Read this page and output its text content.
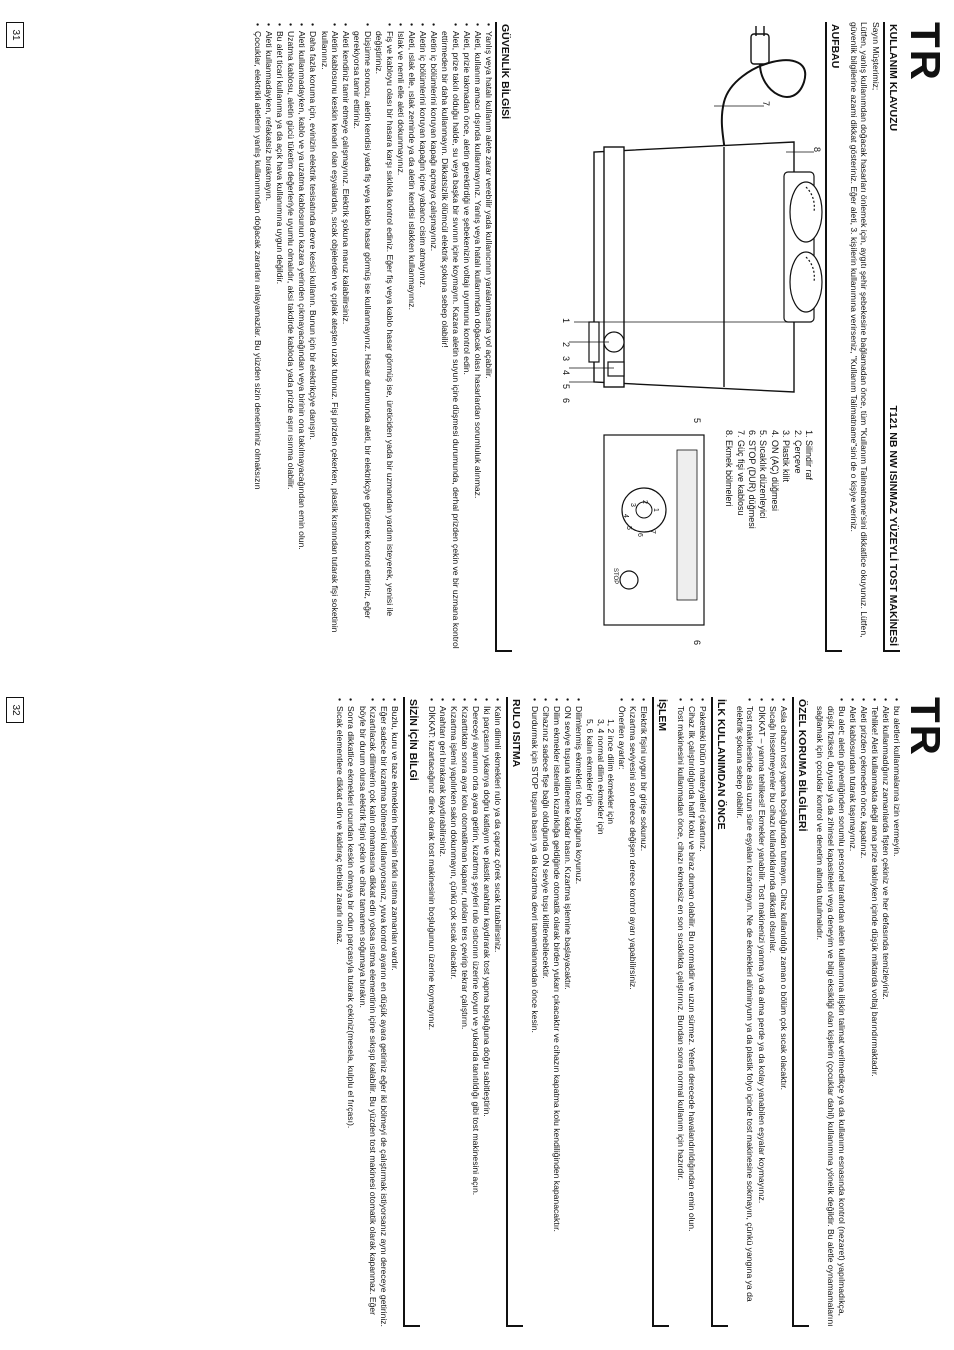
TR
KULLANIM KLAVUZU
T121 NB NW ISINMAZ YÜZEYLİ TOST MAKİNESİ

Sayın Müşterimiz;

Lütfen, yanlış kullanımdan doğacak hasarları önlemek için, aygıtı şehir şebekesine bağlamadan önce, tüm "Kullanım Talimatname'sini dikkatlice okuyunuz. Lütfen, güvenlik bilgilerine azami dikkat gösteriniz. Eğer aleti, 3. kişilerin kullanımına verirseniz, "Kullanım Talimatname"sini de o kişiye veriniz.

AUFBAU
8
7
1
2
3
4
5
6
5
6
1
2
3
4
5
6
7
STOP
1. Silindir raf
2. Çerçeve
3. Plastik kilit
4. ON (AÇ) düğmesi
5. Sıcaklık düzenleyici
6. STOP (DUR) düğmesi
7. Güç fişi ve kablosu
8. Ekmek bölmeleri
GÜVENLİK BİLGİSİ
• Yanlış veya hatalı kullanım alete zarar verebilir yada kullanıcının yaralanmasına yol açabilir.
• Aleti, kullanım amacı dışında kullanmayınız. Yanlış veya hatalı kullanımdan doğacak olası hasarlardan sorumluluk alınmaz.
• Aleti, prizie takmadan önce, aletin gerektirdiği ve şebekenizin voltajı uyumunu kontrol edin.
• Aleti, prize takılı olduğu halde, su veya başka bir sıvının içine koymayın. Kazara aletin suyun içine düşmesi durumunda, derhal prizden çekin ve bir uzmana kontrol ettirmeden bir daha kullanmayın. Dikkatsizlik ölümcül elektrik şokuna sebep olabilir!
• Aletin iç bölümlerini koruyan kapağı açmaya çalışmayınız.
• Aletin iç bölümlerini koruyan kapağın içine yabancı cisim atmayınız.
• Aleti, ıslak elle, ıslak zeminde ya da aletin kendisi ıslakken kullanmayınız.
• Islak ve nemli elle aleti dokunmayınız.
• Fiş ve kabloyu olası bir hasara karşı sıklıkla kontrol ediniz. Eğer fiş veya kablo hasar görmüş ise, üreticiden yada bir uzmandan yardım isteyerek, yenisi ile değiştiriniz.
• Düşürme sonucu, aletin kendisi yada fiş veya kablo hasar görmüş ise kullanmayınız. Hasar durumunda aleti, bir elektrikçiye götürerek kontrol ettiriniz, eğer gerekiyorsa tamir ettiriniz.
• Aleti kendiniz tamir etmeye çalışmayınız. Elektrik şokuna maruz kalabilirsiniz.
• Aletin kablosunu keskin kenarlı olan eşyalardan, sıcak objelerden ve çıplak ateşten uzak tutunuz. Fişi prizden çekerken, plastik kısmından tutarak fişi soketinin kullanınız.
• Daha fazla koruma için, evinizin elektrik tesisatında devre kesici kullanın. Bunun için bir elektrikçiye danışın.
• Aleti kullanmadayken, kablo ve ya uzatma kablosunun kazara yerinden çıkmayacağından veya birinin ona takılmayacağından emin olun.
• Uzatma kablosu, aletin gücü tüketim değerleriyle uyumlu olmalıdır, aksi takdirde kabloda yada prizde aşırı ısınma olabilir.
• Bu alet ticari kullanıma ya da açık hava kullanımına uygun değildir.
• Aleti kullanmadayken, refakatsiz bırakmayın.
• Çocuklar, elektrikli aletlerin yanlış kullanımından doğacak zararları anlayamazlar. Bu yüzden sizin denetiminiz olmaksızın
31
TR
• bu aletleri kullanmalarına izin vermeyin.
• Aleti kullanmadığınız zamanlarda fişten çekiniz ve her defasında temizleyiniz.
• Tehlike! Aleti kullanmakta değil ama prize takılıyken içinde düşük miktarda voltaj barındırmaktadır.
• Aleti prizden çekmeden önce, kapatınız.
• Aleti kablosundan tutarak taşımayınız.
• Bu alet; aletin güvenliğinden sorumlu personel tarafından aletin kullanımına ilişkin talimat verilmedikçe ya da kullanımı esnasında kontrol (nezaret) yapılmadıkça, düşük fiziksel, duyusal ya da zihinsel kapasiteleri veya deneyim ve bilgi eksikliği olan kişilerin (çocuklar dahil) kullanımına yönelik değildir. Bu aletle oynamamalarını sağlamak için çocuklar kontrol ve denetim altında tutulmalıdır.
ÖZEL KORUMA BİLGİLERİ
• Asla cihazın tost yapma boşluğundan tutmayın. Cihaz kullanıldığı zaman o bölüm çok sıcak olacaktır.
• Sıcağı hissetmeyenler bu cihazı kullandıklarında dikkatli olsunlar.
• DİKKAT – yanma tehlikesi! Ekmekler yanabilir. Tost makinenizi yanma ya da alma perde ya da kolay yanabilen eşyalar koymayınız.
• Tost makinesinde asla uzun süre eşyaları kızartmayın. Ne de ekmekleri alüminyum ya da plastik folyo içinde tost makinesine sokmayın, çünkü yangına ya da elektrik şokuna sebep olabilir.
İLK KULLANIMDAN ÖNCE
• Paketteki bütün materyalleri çıkartınız.
• Cihaz ilk çalıştırıldığında hafif koku ve biraz duman olabilir. Bu normaldir ve uzun sürmez. Yeterli derecede havalandırıldığından emin olun.
• Tost makinesini kullanmadan önce, cihazı ekmeksiz en son sıcaklıkta çalıştırınız. Bundan sonra normal kullanım için hazırdır.
İŞLEM
• Elektrik fişini uygun bir girişe sokunuz.
• Kızartma seviyesini son derece değişen derece kontrol ayarı yapabilirsiniz.
• Önerilen ayarlar:
1, 2 ince dilim ekmekler için
3, 4 normal dilim ekmekler için
5, 6 kalın ekmekler için
• Dilimlenmiş ekmekleri tost boşluğuna koyunuz.
• ON seviye tuşuna kilitlenene kadar basın. Kızartma işlemine başlayacaktır.
• Dilim ekmekler istenilen kızarıklığa geldiğinde otomatik olarak birden yukarı çıkacaktır ve cihazın kapatma kolu kendiliğinden kapanacaktır.
• Cihazınız sadece fişe bağlı olduğunda ON seviye tuşu kilitlenebilecektir.
• Durdurmak için STOP tuşuna basın ya da kızartma devri tamamlanmadan önce kesin.
RULO ISITMA
• Kalın dilimli ekmekleri rulo ya da çapraz çörek sıcak tutabilirsiniz.
• İki parçasını yukarıya doğru katlayın ve plastik anahtarı kaydırarak tost yapma boşluğuna doğru sabitleştirin.
• Dereceyi ayarının orta ayara getirin, kızartmış şeyleri rulo ısıtıcının üzerine koyun ve yukarıda tanıtıldığı gibi tost makinesini açın.
• Kızarttıktan sonra ayar kolu otomatikman kapanır, ruloları ters çevirip tekrar çalıştırın.
• Kızartma işlemi yapılırken sakın dokunmayın, çünkü çok sıcak olacaktır.
• Anahtarı geri bırakarak kaydırabilirsiniz.
• DİKKAT: kızartacağınız direk olarak tost makinesinin boşluğunun üzerine koymayınız.
SİZİN İÇİN BİLGİ
• Buzlu, kuru ve taze ekmeklerin hepsinin farklı ısıtma zamanları vardır.
• Eğer sadece bir kızartma bölmesini kullanıyorsanız, yuva kontrol ayarını en düşük ayara getiriniz eğer iki bölmeyi de çalıştırmak istiyorsanız aynı dereceye getiriniz.
• Kızartılacak dilimlerin çok kalın olmamasına dikkat edin yoksa ısıtma elementinin içine sıkışıp kalabilir. Bu yüzden tost makinesi otomatik olarak kapanmaz. Eğer böyle bir durum olursa elektrik fişini çekin ve cihaz tamamen soğumaya bırakın.
• Sonra dikkatlice ekmekleri ucundan keskin olmaya bir odun parçasıyla tutarak çekiniz(mesela, kulplu el fırçası).
• Sıcak elementlere dikkat edin ve kaldıraç terbiatı zararlı olmaz.
32
